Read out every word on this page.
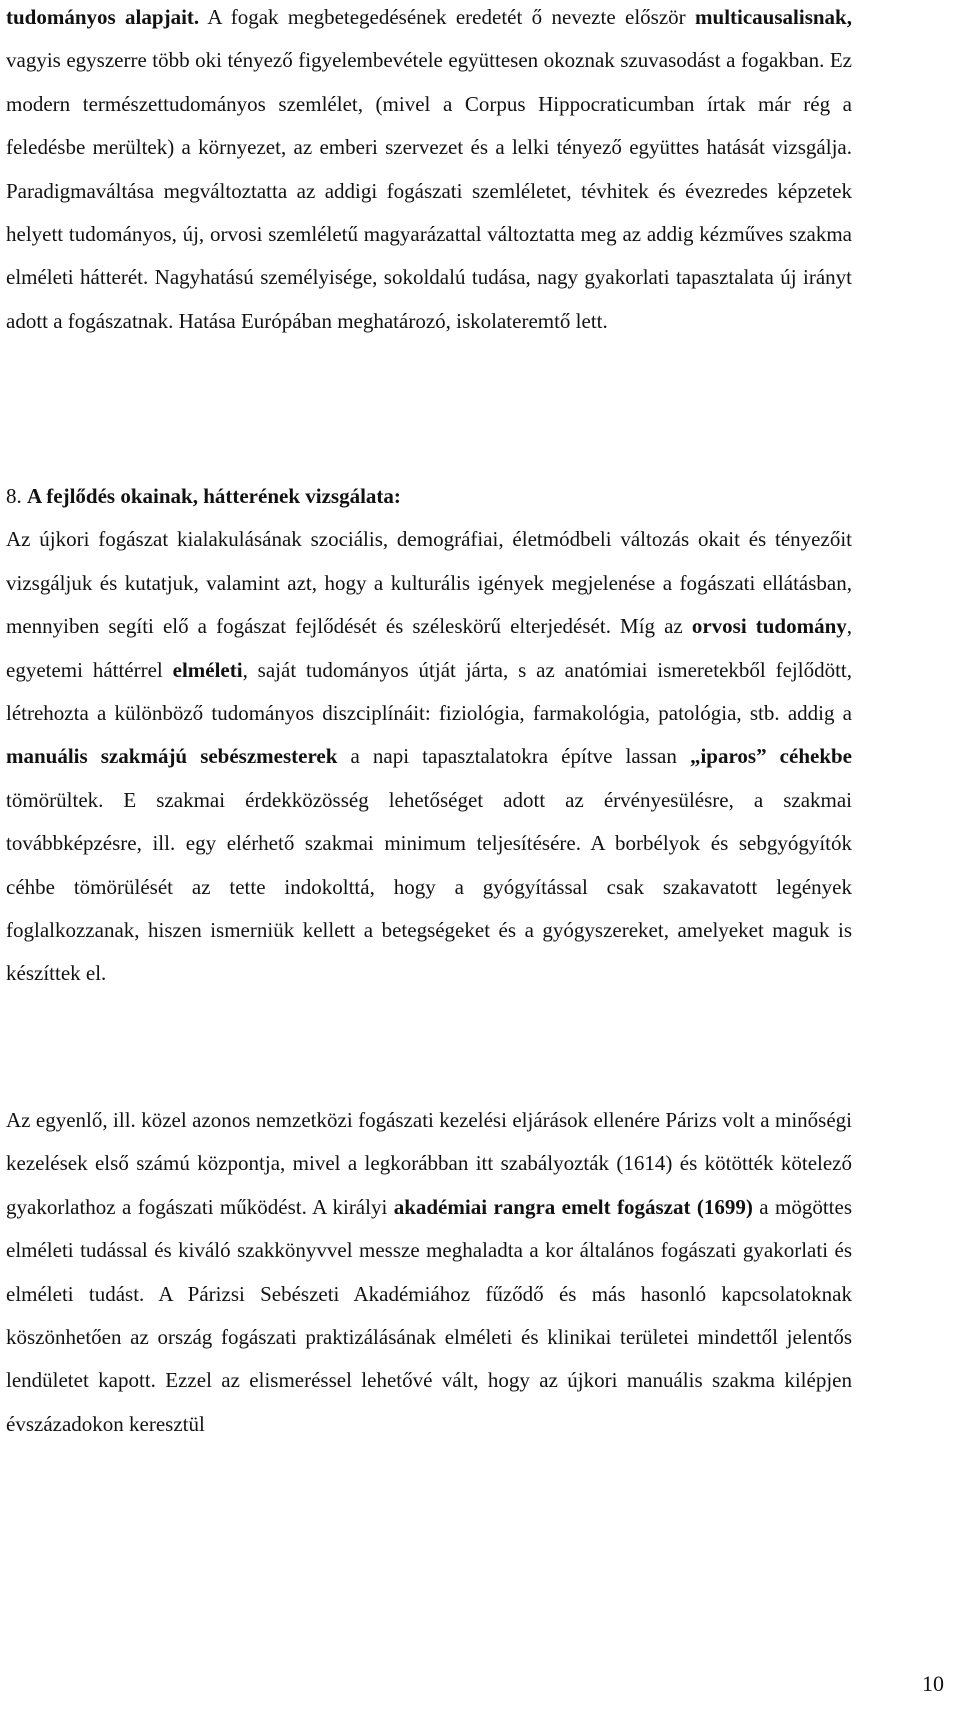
tudományos alapjait. A fogak megbetegedésének eredetét ő nevezte először multicausalisnak, vagyis egyszerre több oki tényező figyelembevétele együttesen okoznak szuvasodást a fogakban. Ez modern természettudományos szemlélet, (mivel a Corpus Hippocraticumban írtak már rég a feledésbe merültek) a környezet, az emberi szervezet és a lelki tényező együttes hatását vizsgálja. Paradigmaváltása megváltoztatta az addigi fogászati szemléletet, tévhitek és évezredes képzetek helyett tudományos, új, orvosi szemléletű magyarázattal változtatta meg az addig kézműves szakma elméleti hátterét. Nagyhatású személyisége, sokoldalú tudása, nagy gyakorlati tapasztalata új irányt adott a fogászatnak. Hatása Európában meghatározó, iskolateremtő lett.

8. A fejlődés okainak, hátterének vizsgálata:

Az újkori fogászat kialakulásának szociális, demográfiai, életmódbeli változás okait és tényezőit vizsgáljuk és kutatjuk, valamint azt, hogy a kulturális igények megjelenése a fogászati ellátásban, mennyiben segíti elő a fogászat fejlődését és széleskörű elterjedését. Míg az orvosi tudomány, egyetemi háttérrel elméleti, saját tudományos útját járta, s az anatómiai ismeretekből fejlődött, létrehozta a különböző tudományos diszciplínáit: fiziológia, farmakológia, patológia, stb. addig a manuális szakmájú sebészmesterek a napi tapasztalatokra építve lassan „iparos” céhekbe tömörültek. E szakmai érdekközösség lehetőséget adott az érvényesülésre, a szakmai továbbképzésre, ill. egy elérhető szakmai minimum teljesítésére. A borbélyok és sebgyógyítók céhbe tömörülését az tette indokolttá, hogy a gyógyítással csak szakavatott legények foglalkozzanak, hiszen ismerniük kellett a betegségeket és a gyógyszereket, amelyeket maguk is készíttek el.

Az egyenlő, ill. közel azonos nemzetközi fogászati kezelési eljárások ellenére Párizs volt a minőségi kezelések első számú központja, mivel a legkorábban itt szabályozták (1614) és kötötték kötelező gyakorlathoz a fogászati működést. A királyi akadémiai rangra emelt fogászat (1699) a mögöttes elméleti tudással és kiváló szakkönyvvel messze meghaladta a kor általános fogászati gyakorlati és elméleti tudást. A Párizsi Sebészeti Akadémiához fűződő és más hasonló kapcsolatoknak köszönhetően az ország fogászati praktizálásának elméleti és klinikai területei mindettől jelentős lendületet kapott. Ezzel az elismeréssel lehetővé vált, hogy az újkori manuális szakma kilépjen évszázadokon keresztül

10
